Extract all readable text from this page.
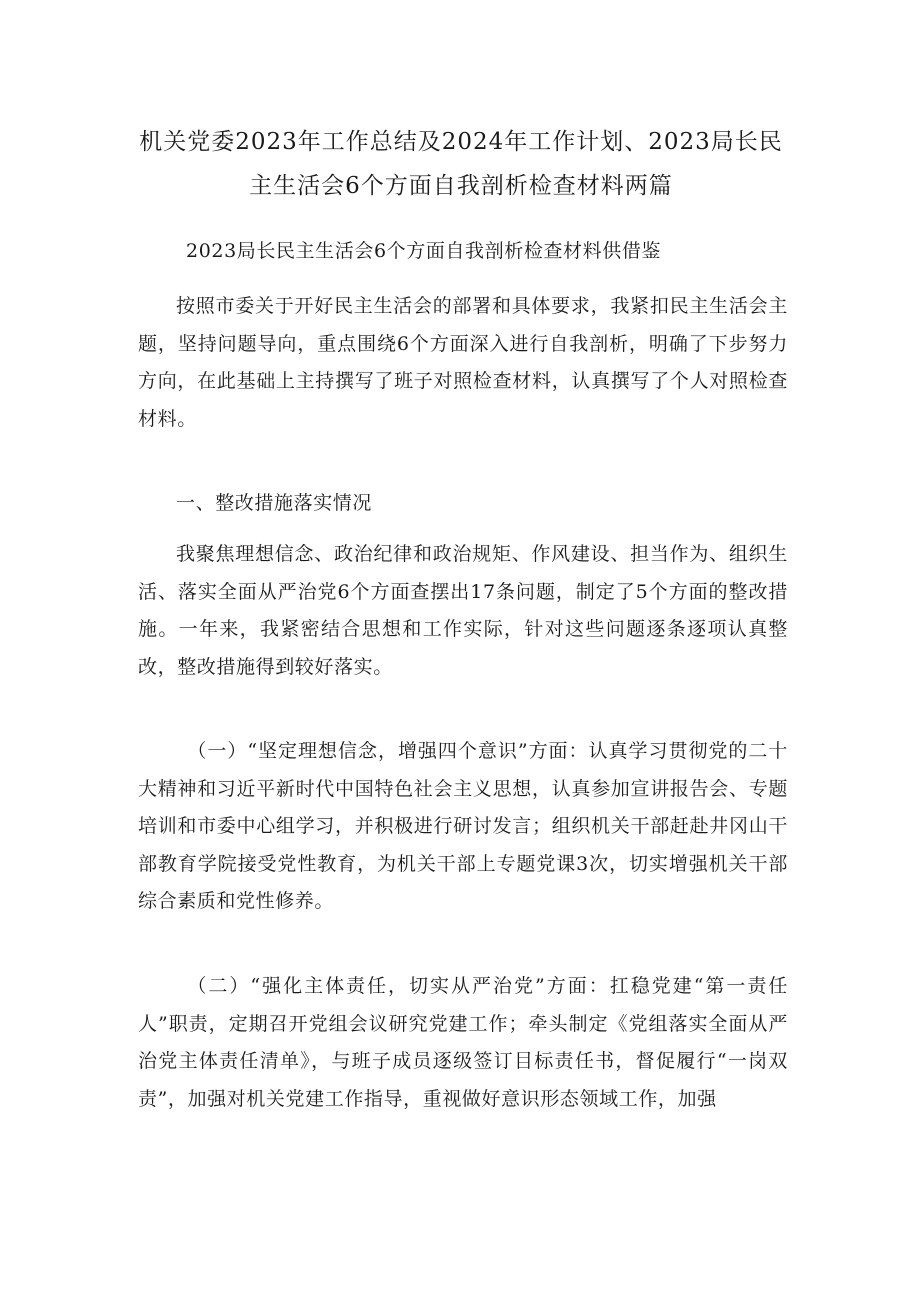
机关党委2023年工作总结及2024年工作计划、2023局长民主生活会6个方面自我剖析检查材料两篇

2023局长民主生活会6个方面自我剖析检查材料供借鉴

按照市委关于开好民主生活会的部署和具体要求，我紧扣民主生活会主题，坚持问题导向，重点围绕6个方面深入进行自我剖析，明确了下步努力方向，在此基础上主持撰写了班子对照检查材料，认真撰写了个人对照检查材料。

一、整改措施落实情况

我聚焦理想信念、政治纪律和政治规矩、作风建设、担当作为、组织生活、落实全面从严治党6个方面查摆出17条问题，制定了5个方面的整改措施。一年来，我紧密结合思想和工作实际，针对这些问题逐条逐项认真整改，整改措施得到较好落实。

（一）“坚定理想信念，增强四个意识”方面：认真学习贯彻党的二十大精神和习近平新时代中国特色社会主义思想，认真参加宣讲报告会、专题培训和市委中心组学习，并积极进行研讨发言；组织机关干部赶赴井冈山干部教育学院接受党性教育，为机关干部上专题党课3次，切实增强机关干部综合素质和党性修养。

（二）“强化主体责任，切实从严治党”方面：扛稳党建“第一责任人”职责，定期召开党组会议研究党建工作；牵头制定《党组落实全面从严治党主体责任清单》，与班子成员逐级签订目标责任书，督促履行“一岗双责”，加强对机关党建工作指导，重视做好意识形态领域工作，加强
